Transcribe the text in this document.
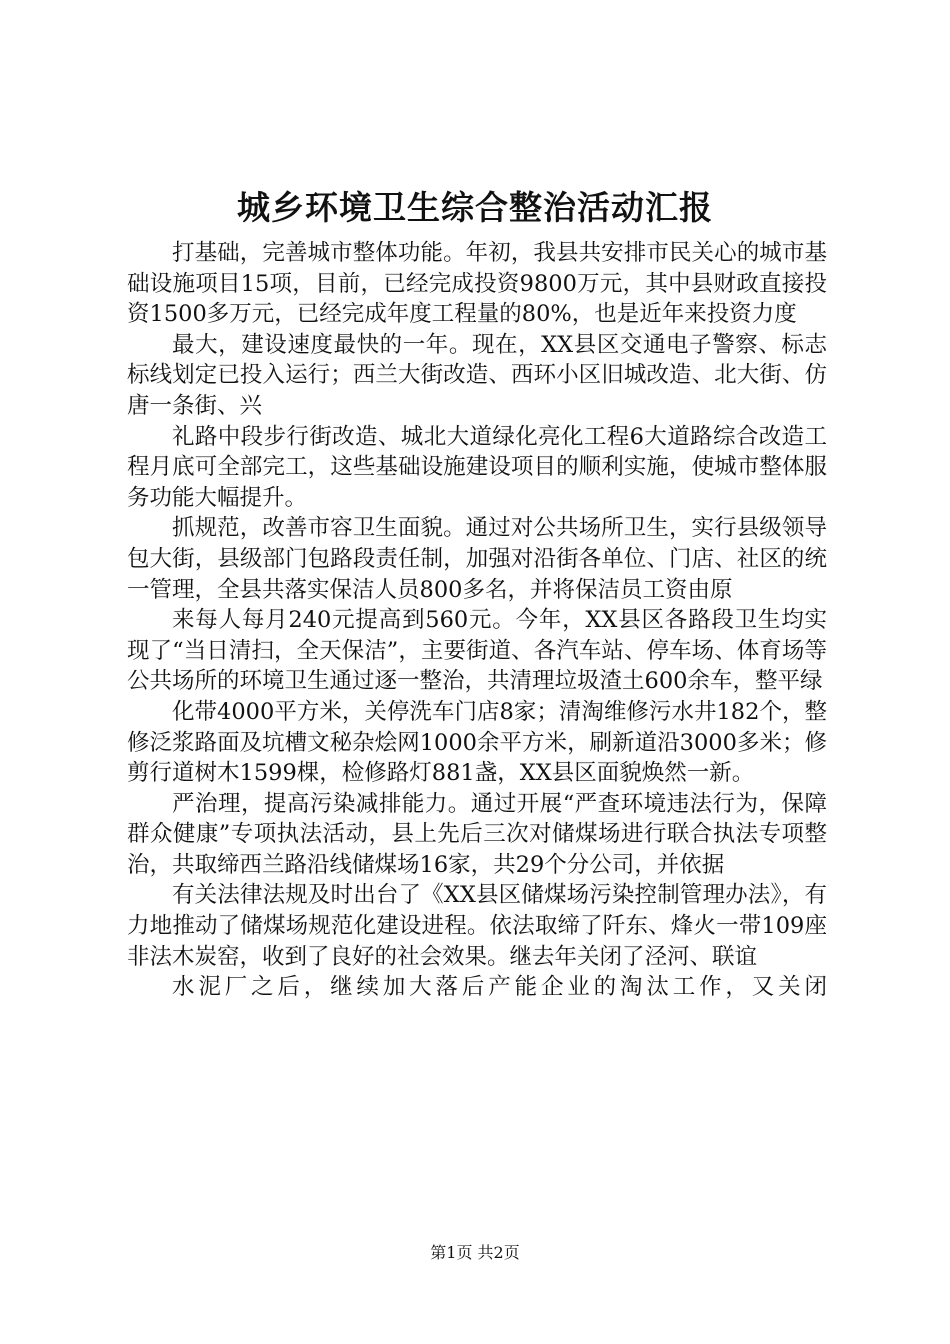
城乡环境卫生综合整治活动汇报

打基础，完善城市整体功能。年初，我县共安排市民关心的城市基础设施项目15项，目前，已经完成投资9800万元，其中县财政直接投资1500多万元，已经完成年度工程量的80%，也是近年来投资力度

最大，建设速度最快的一年。现在，XX县区交通电子警察、标志标线划定已投入运行；西兰大街改造、西环小区旧城改造、北大街、仿唐一条街、兴

礼路中段步行街改造、城北大道绿化亮化工程6大道路综合改造工程月底可全部完工，这些基础设施建设项目的顺利实施，使城市整体服务功能大幅提升。

抓规范，改善市容卫生面貌。通过对公共场所卫生，实行县级领导包大街，县级部门包路段责任制，加强对沿街各单位、门店、社区的统一管理，全县共落实保洁人员800多名，并将保洁员工资由原

来每人每月240元提高到560元。今年，XX县区各路段卫生均实现了“当日清扫，全天保洁”，主要街道、各汽车站、停车场、体育场等公共场所的环境卫生通过逐一整治，共清理垃圾渣土600余车，整平绿

化带4000平方米，关停洗车门店8家；清淘维修污水井182个，整修泛浆路面及坑槽文秘杂烩网1000余平方米，刷新道沿3000多米；修剪行道树木1599棵，检修路灯881盏，XX县区面貌焕然一新。

严治理，提高污染减排能力。通过开展“严查环境违法行为，保障群众健康”专项执法活动，县上先后三次对储煤场进行联合执法专项整治，共取缔西兰路沿线储煤场16家，共29个分公司，并依据

有关法律法规及时出台了《XX县区储煤场污染控制管理办法》，有力地推动了储煤场规范化建设进程。依法取缔了阡东、烽火一带109座非法木炭窑，收到了良好的社会效果。继去年关闭了泾河、联谊

水泥厂之后，继续加大落后产能企业的淘汰工作，又关闭

第1页 共2页
